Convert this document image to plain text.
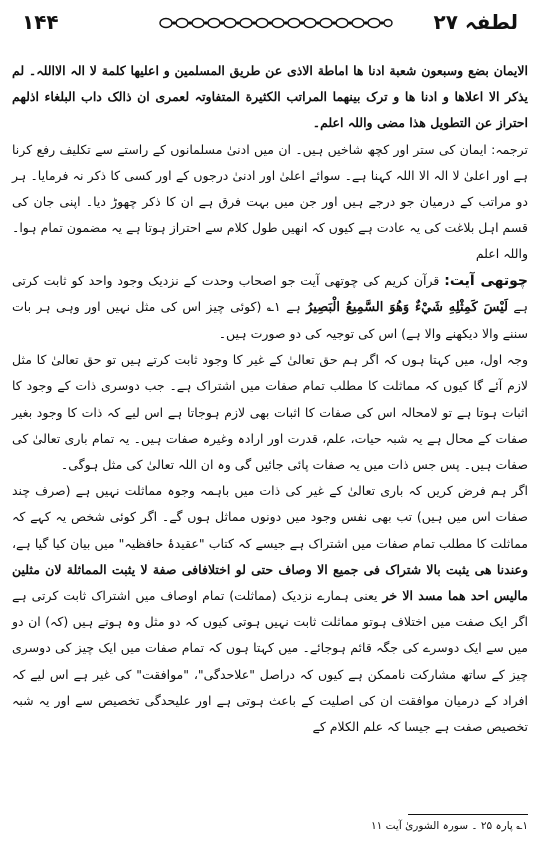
۱۴۴	لطفہ ۲۷

الایمان بضع وسبعون شعبة ادنا ها اماطة الاذی عن طریق المسلمین و اعلیها کلمة لا الہ الااللہ۔ لم یذکر الا اعلاها و ادنا ها و ترک بینهما المراتب الکثیرة المتفاوتہ لعمری ان ذالک داب البلغاء اذلهم احتراز عن التطویل هذا مضی واللہ اعلم۔

ترجمہ: ایمان کی ستر اور کچھ شاخیں ہیں۔ ان میں ادنیٰ مسلمانوں کے راستے سے تکلیف رفع کرنا ہے اور اعلیٰ لا الہ الا اللہ کہنا ہے۔ سوائے اعلیٰ اور ادنیٰ درجوں کے اور کسی کا ذکر نہ فرمایا۔ ہر دو مراتب کے درمیان جو درجے ہیں اور جن میں بہت فرق ہے ان کا ذکر چھوڑ دیا۔ اپنی جان کی قسم اہل بلاغت کی یہ عادت ہے کیوں کہ انھیں طول کلام سے احتراز ہوتا ہے یہ مضمون تمام ہوا۔ واللہ اعلم

چوتھی آیت: قرآن کریم کی چوتھی آیت جو اصحاب وحدت کے نزدیک وجود واحد کو ثابت کرتی ہے لَيْسَ كَمِثْلِهِ شَيْءٌ وَهُوَ السَّمِيعُ الْبَصِيرُ ہے ۱؎ (کوئی چیز اس کی مثل نہیں اور وہی ہر بات سننے والا دیکھنے والا ہے) اس کی توجیہ کی دو صورت ہیں۔

وجہ اول، میں کہتا ہوں کہ اگر ہم حق تعالیٰ کے غیر کا وجود ثابت کرتے ہیں تو حق تعالیٰ کا مثل لازم آئے گا کیوں کہ مماثلت کا مطلب تمام صفات میں اشتراک ہے۔ جب دوسری ذات کے وجود کا اثبات ہوتا ہے تو لامحالہ اس کی صفات کا اثبات بھی لازم ہوجاتا ہے اس لیے کہ ذات کا وجود بغیر صفات کے محال ہے یہ شبہ حیات، علم، قدرت اور ارادہ وغیرہ صفات ہیں۔ یہ تمام باری تعالیٰ کی صفات ہیں۔ پس جس ذات میں یہ صفات پائی جائیں گی وہ ان اللہ تعالیٰ کی مثل ہوگی۔

اگر ہم فرض کریں کہ باری تعالیٰ کے غیر کی ذات میں باہمہ وجوہ مماثلت نہیں ہے (صرف چند صفات اس میں ہیں) تب بھی نفس وجود میں دونوں مماثل ہوں گے۔ اگر کوئی شخص یہ کہے کہ مماثلت کا مطلب تمام صفات میں اشتراک ہے جیسے کہ کتاب "عقیدۂ حافظیہ" میں بیان کیا گیا ہے، وعندنا هی یثبت بالا شتراک فی جمیع الا وصاف حتی لو اختلافافی صفة لا یثبت المماثلة لان مثلین مالیس احد هما مسد الا خر یعنی ہمارے نزدیک (مماثلت) تمام اوصاف میں اشتراک ثابت کرتی ہے اگر ایک صفت میں اختلاف ہوتو مماثلت ثابت نہیں ہوتی کیوں کہ دو مثل وہ ہوتے ہیں (کہ) ان دو میں سے ایک دوسرے کی جگہ قائم ہوجائے۔ میں کہتا ہوں کہ تمام صفات میں ایک چیز کی دوسری چیز کے ساتھ مشارکت ناممکن ہے کیوں کہ دراصل "علاحدگی"، "موافقت" کی غیر ہے اس لیے کہ افراد کے درمیان موافقت ان کی اصلیت کے باعث ہوتی ہے اور علیحدگی تخصیص سے اور یہ شبہ تخصیص صفت ہے جیسا کہ علم الکلام کے

۱؎ پارہ ۲۵ ۔ سورہ الشوریٰ آیت ۱۱
